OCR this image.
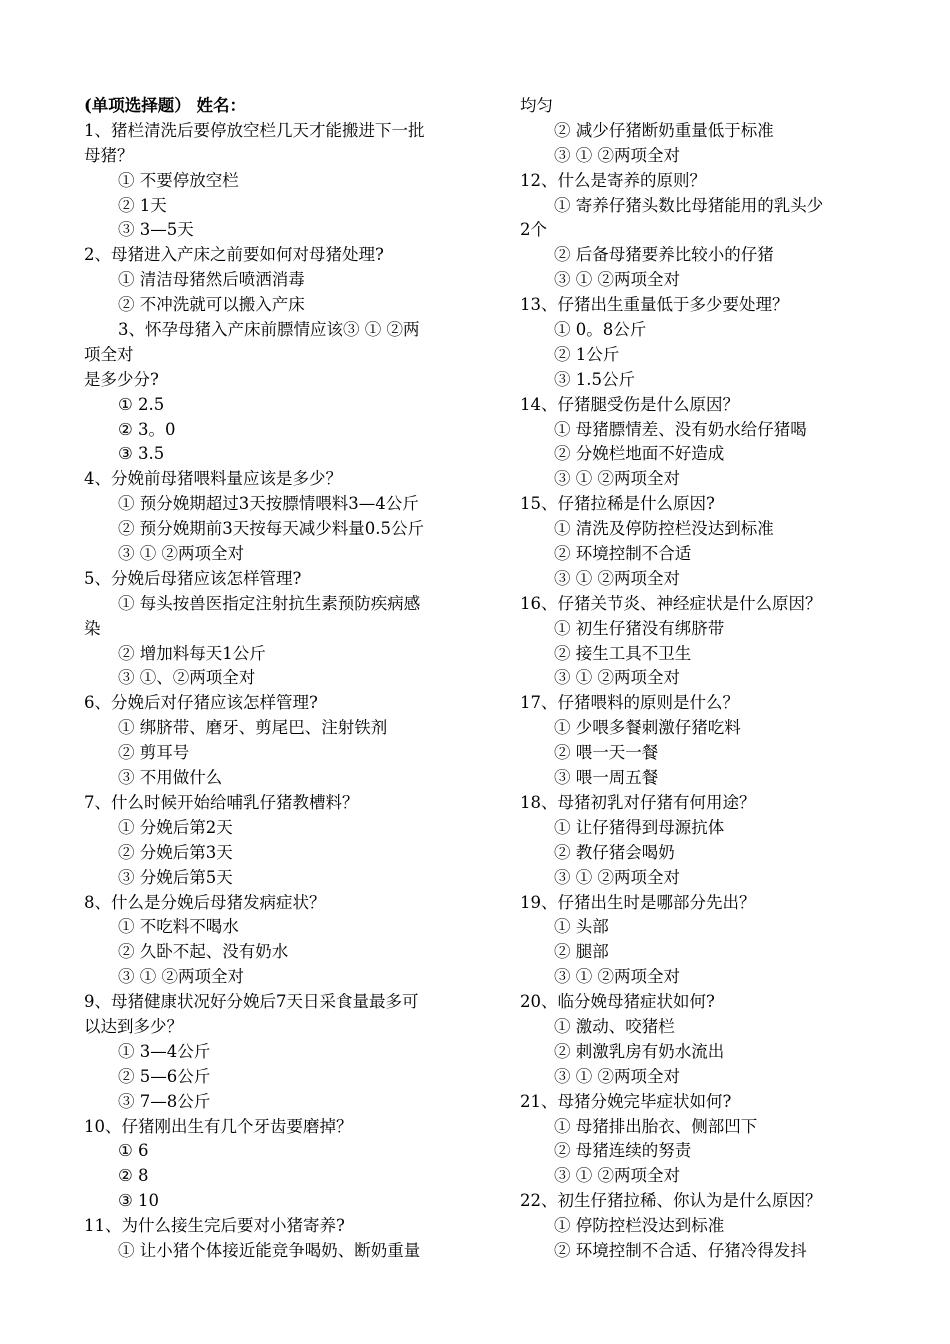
(单项选择题） 姓名：
1、猪栏清洗后要停放空栏几天才能搬进下一批
母猪？
① 不要停放空栏
② 1天
③ 3—5天
2、母猪进入产床之前要如何对母猪处理?
① 清洁母猪然后喷洒消毒
② 不冲洗就可以搬入产床
3、怀孕母猪入产床前膘情应该③ ① ②两
项全对
是多少分?
① 2.5
② 3。0
③ 3.5
4、分娩前母猪喂料量应该是多少？
① 预分娩期超过3天按膘情喂料3—4公斤
② 预分娩期前3天按每天减少料量0.5公斤
③ ① ②两项全对
5、分娩后母猪应该怎样管理?
① 每头按兽医指定注射抗生素预防疾病感
染
② 增加料每天1公斤
③ ①、②两项全对
6、分娩后对仔猪应该怎样管理?
① 绑脐带、磨牙、剪尾巴、注射铁剂
② 剪耳号
③ 不用做什么
7、什么时候开始给哺乳仔猪教槽料？
① 分娩后第2天
② 分娩后第3天
③ 分娩后第5天
8、什么是分娩后母猪发病症状？
① 不吃料不喝水
② 久卧不起、没有奶水
③ ① ②两项全对
9、母猪健康状况好分娩后7天日采食量最多可
以达到多少？
① 3—4公斤
② 5—6公斤
③ 7—8公斤
10、仔猪刚出生有几个牙齿要磨掉？
① 6
② 8
③ 10
11、为什么接生完后要对小猪寄养?
① 让小猪个体接近能竞争喝奶、断奶重量
均匀
② 减少仔猪断奶重量低于标准
③ ① ②两项全对
12、什么是寄养的原则？
① 寄养仔猪头数比母猪能用的乳头少
2个
② 后备母猪要养比较小的仔猪
③ ① ②两项全对
13、仔猪出生重量低于多少要处理？
① 0。8公斤
② 1公斤
③ 1.5公斤
14、仔猪腿受伤是什么原因？
① 母猪膘情差、没有奶水给仔猪喝
② 分娩栏地面不好造成
③ ① ②两项全对
15、仔猪拉稀是什么原因?
① 清洗及停防控栏没达到标准
② 环境控制不合适
③ ① ②两项全对
16、仔猪关节炎、神经症状是什么原因？
① 初生仔猪没有绑脐带
② 接生工具不卫生
③ ① ②两项全对
17、仔猪喂料的原则是什么？
① 少喂多餐刺激仔猪吃料
② 喂一天一餐
③ 喂一周五餐
18、母猪初乳对仔猪有何用途？
① 让仔猪得到母源抗体
② 教仔猪会喝奶
③ ① ②两项全对
19、仔猪出生时是哪部分先出？
① 头部
② 腿部
③ ① ②两项全对
20、临分娩母猪症状如何?
① 激动、咬猪栏
② 刺激乳房有奶水流出
③ ① ②两项全对
21、母猪分娩完毕症状如何?
① 母猪排出胎衣、侧部凹下
② 母猪连续的努责
③ ① ②两项全对
22、初生仔猪拉稀、你认为是什么原因？
① 停防控栏没达到标准
② 环境控制不合适、仔猪冷得发抖
